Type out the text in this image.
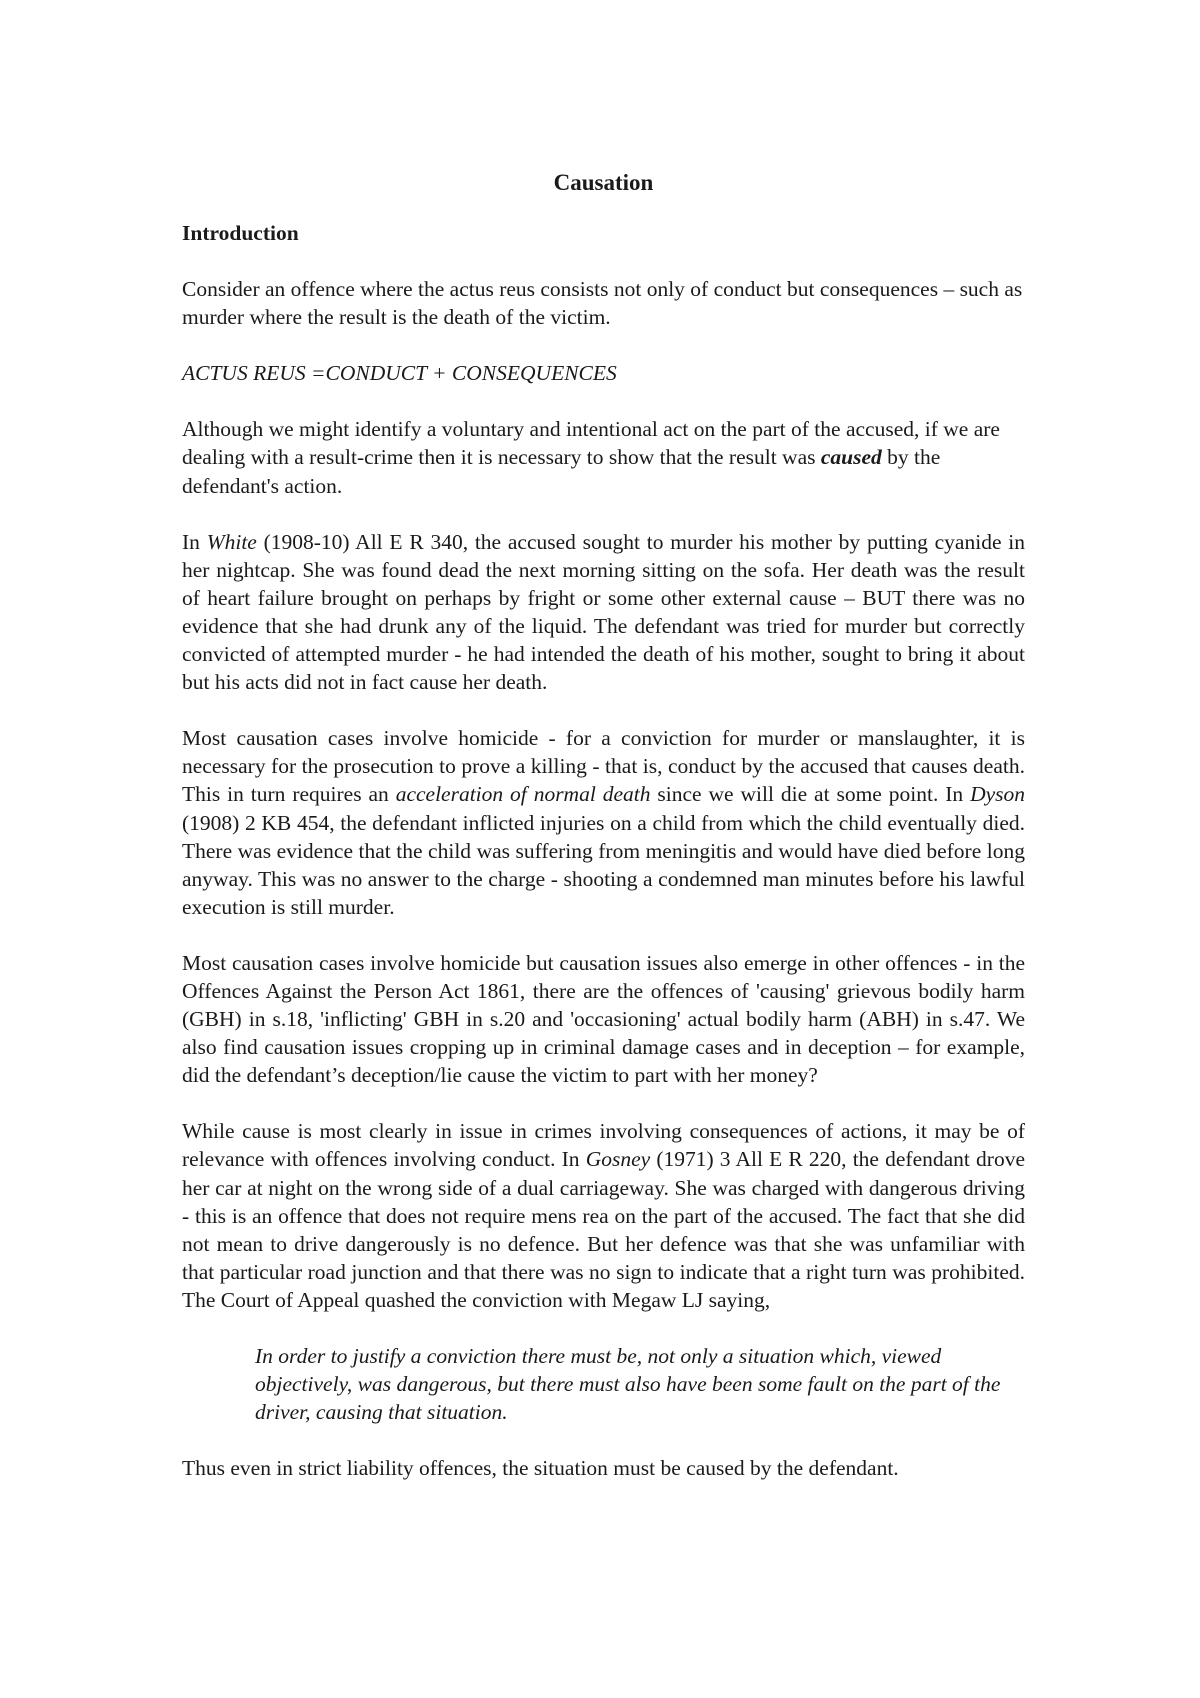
Causation
Introduction

Consider an offence where the actus reus consists not only of conduct but consequences – such as murder where the result is the death of the victim.

ACTUS REUS =CONDUCT + CONSEQUENCES

Although we might identify a voluntary and intentional act on the part of the accused, if we are dealing with a result-crime then it is necessary to show that the result was caused by the defendant's action.

In White (1908-10) All E R 340, the accused sought to murder his mother by putting cyanide in her nightcap. She was found dead the next morning sitting on the sofa. Her death was the result of heart failure brought on perhaps by fright or some other external cause – BUT there was no evidence that she had drunk any of the liquid. The defendant was tried for murder but correctly convicted of attempted murder - he had intended the death of his mother, sought to bring it about but his acts did not in fact cause her death.

Most causation cases involve homicide - for a conviction for murder or manslaughter, it is necessary for the prosecution to prove a killing - that is, conduct by the accused that causes death. This in turn requires an acceleration of normal death since we will die at some point. In Dyson (1908) 2 KB 454, the defendant inflicted injuries on a child from which the child eventually died. There was evidence that the child was suffering from meningitis and would have died before long anyway. This was no answer to the charge - shooting a condemned man minutes before his lawful execution is still murder.

Most causation cases involve homicide but causation issues also emerge in other offences - in the Offences Against the Person Act 1861, there are the offences of 'causing' grievous bodily harm (GBH) in s.18, 'inflicting' GBH in s.20 and 'occasioning' actual bodily harm (ABH) in s.47. We also find causation issues cropping up in criminal damage cases and in deception – for example, did the defendant’s deception/lie cause the victim to part with her money?

While cause is most clearly in issue in crimes involving consequences of actions, it may be of relevance with offences involving conduct. In Gosney (1971) 3 All E R 220, the defendant drove her car at night on the wrong side of a dual carriageway. She was charged with dangerous driving - this is an offence that does not require mens rea on the part of the accused. The fact that she did not mean to drive dangerously is no defence. But her defence was that she was unfamiliar with that particular road junction and that there was no sign to indicate that a right turn was prohibited. The Court of Appeal quashed the conviction with Megaw LJ saying,

In order to justify a conviction there must be, not only a situation which, viewed objectively, was dangerous, but there must also have been some fault on the part of the driver, causing that situation.

Thus even in strict liability offences, the situation must be caused by the defendant.
